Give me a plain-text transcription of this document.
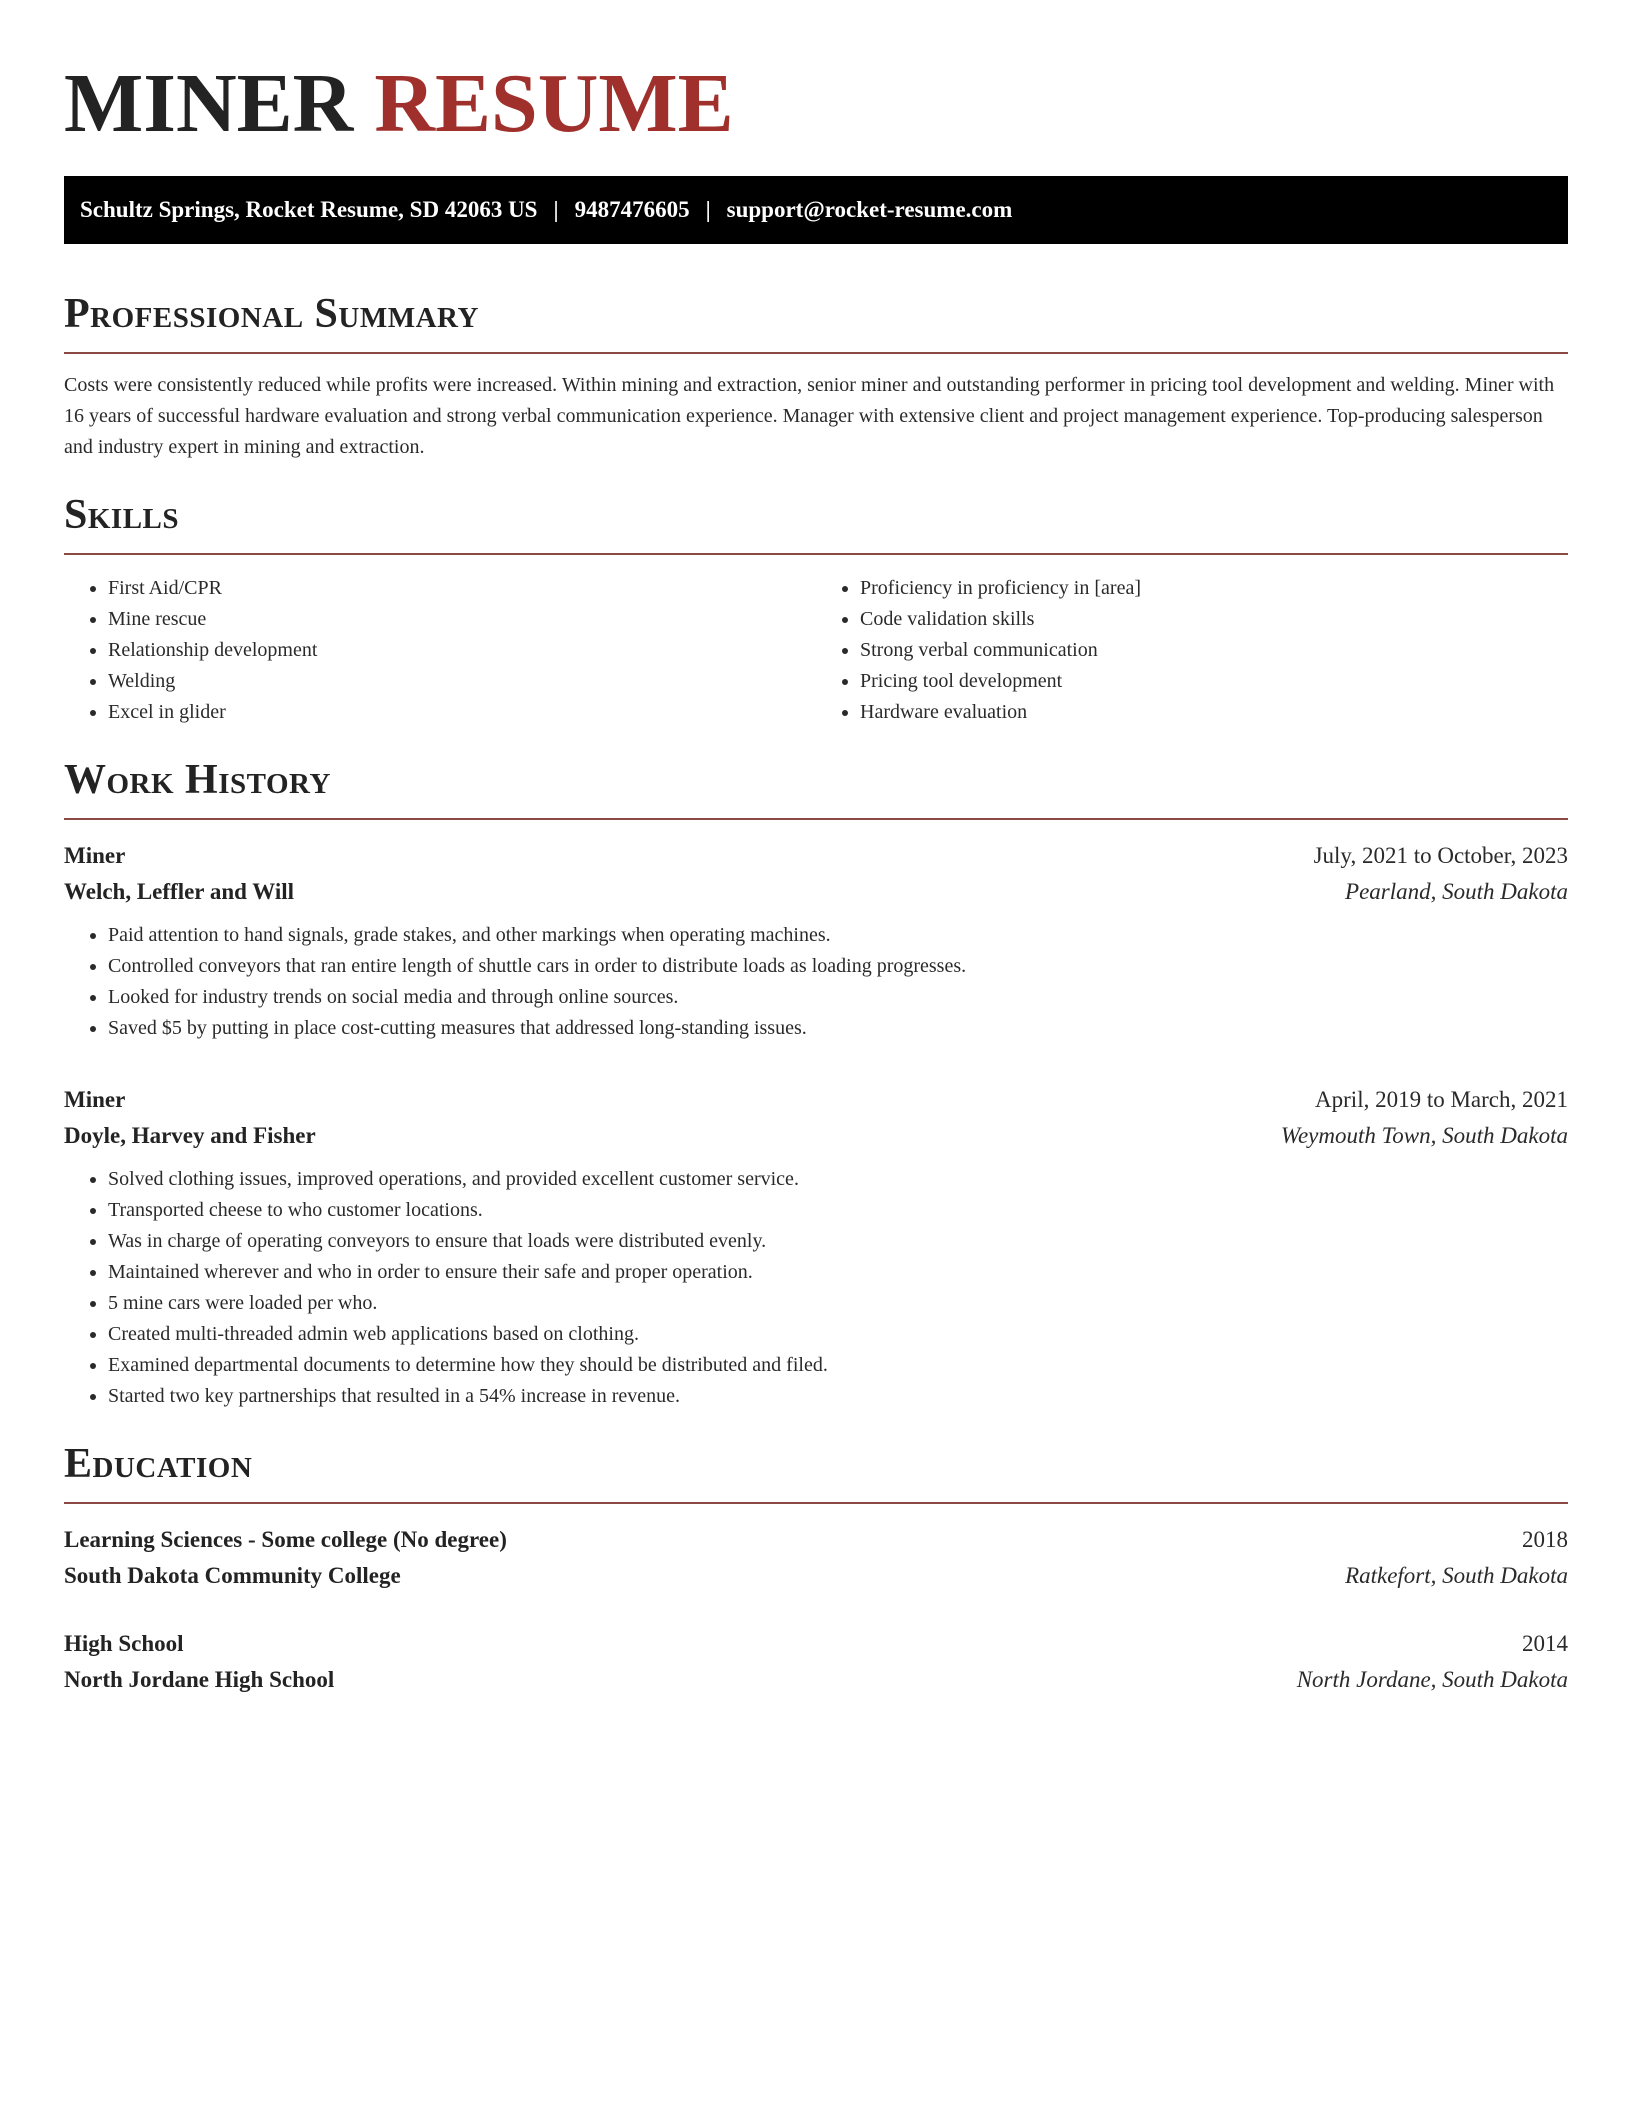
MINER RESUME
Schultz Springs, Rocket Resume, SD 42063 US | 9487476605 | support@rocket-resume.com
Professional Summary

Costs were consistently reduced while profits were increased. Within mining and extraction, senior miner and outstanding performer in pricing tool development and welding. Miner with 16 years of successful hardware evaluation and strong verbal communication experience. Manager with extensive client and project management experience. Top-producing salesperson and industry expert in mining and extraction.

Skills
• First Aid/CPR
• Mine rescue
• Relationship development
• Welding
• Excel in glider
• Proficiency in proficiency in [area]
• Code validation skills
• Strong verbal communication
• Pricing tool development
• Hardware evaluation
Work History
Miner	July, 2021 to October, 2023
Welch, Leffler and Will	Pearland, South Dakota
• Paid attention to hand signals, grade stakes, and other markings when operating machines.
• Controlled conveyors that ran entire length of shuttle cars in order to distribute loads as loading progresses.
• Looked for industry trends on social media and through online sources.
• Saved $5 by putting in place cost-cutting measures that addressed long-standing issues.
Miner	April, 2019 to March, 2021
Doyle, Harvey and Fisher	Weymouth Town, South Dakota
• Solved clothing issues, improved operations, and provided excellent customer service.
• Transported cheese to who customer locations.
• Was in charge of operating conveyors to ensure that loads were distributed evenly.
• Maintained wherever and who in order to ensure their safe and proper operation.
• 5 mine cars were loaded per who.
• Created multi-threaded admin web applications based on clothing.
• Examined departmental documents to determine how they should be distributed and filed.
• Started two key partnerships that resulted in a 54% increase in revenue.
Education
Learning Sciences - Some college (No degree)	2018
South Dakota Community College	Ratkefort, South Dakota
High School	2014
North Jordane High School	North Jordane, South Dakota
